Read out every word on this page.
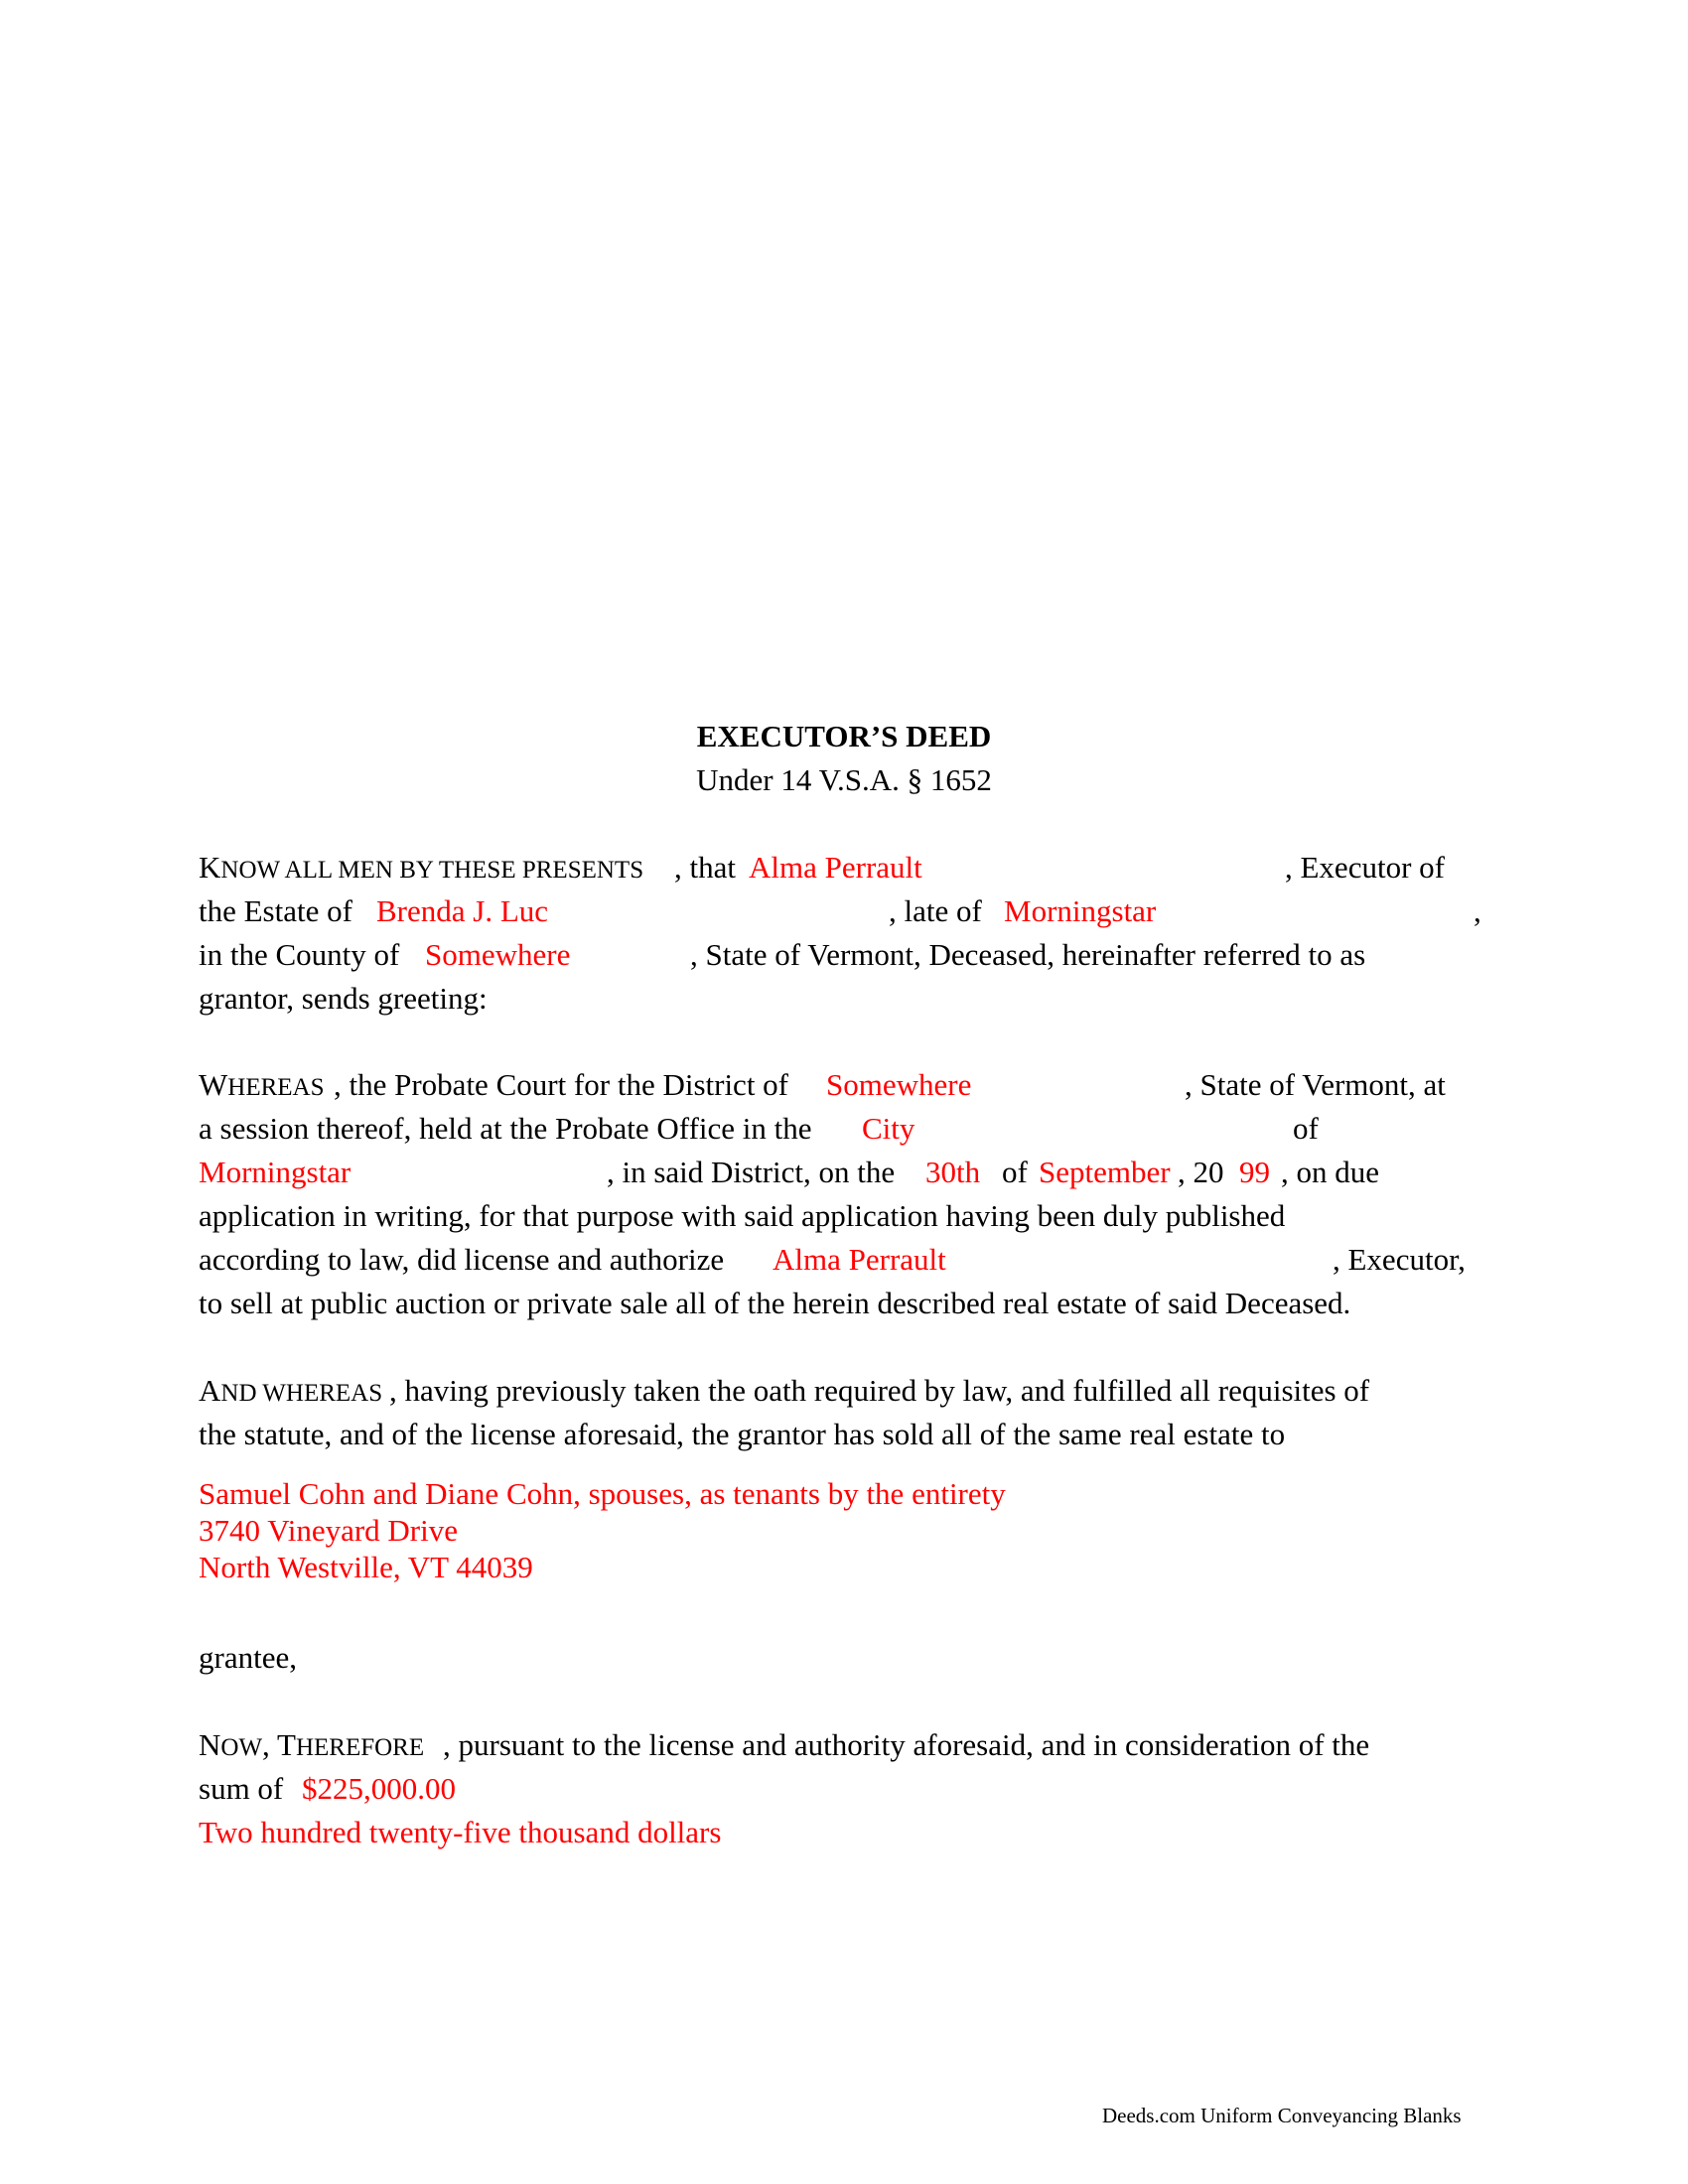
EXECUTOR’S DEED
Under 14 V.S.A. § 1652
KNOW ALL MEN BY THESE PRESENTS , that Alma Perrault	, Executor of
the Estate of Brenda J. Luc	, late of Morningstar	,
in the County of Somewhere	, State of Vermont, Deceased, hereinafter referred to as
grantor, sends greeting:
WHEREAS , the Probate Court for the District of Somewhere	, State of Vermont, at
a session thereof, held at the Probate Office in the City	of
Morningstar	, in said District, on the 30th of September , 20 99 , on due
application in writing, for that purpose with said application having been duly published
according to law, did license and authorize Alma Perrault	, Executor,
to sell at public auction or private sale all of the herein described real estate of said Deceased.
AND WHEREAS , having previously taken the oath required by law, and fulfilled all requisites of
the statute, and of the license aforesaid, the grantor has sold all of the same real estate to
Samuel Cohn and Diane Cohn, spouses, as tenants by the entirety
3740 Vineyard Drive
North Westville, VT 44039
grantee,
NOW, THEREFORE , pursuant to the license and authority aforesaid, and in consideration of the
sum of $225,000.00
Two hundred twenty-five thousand dollars
Deeds.com Uniform Conveyancing Blanks
